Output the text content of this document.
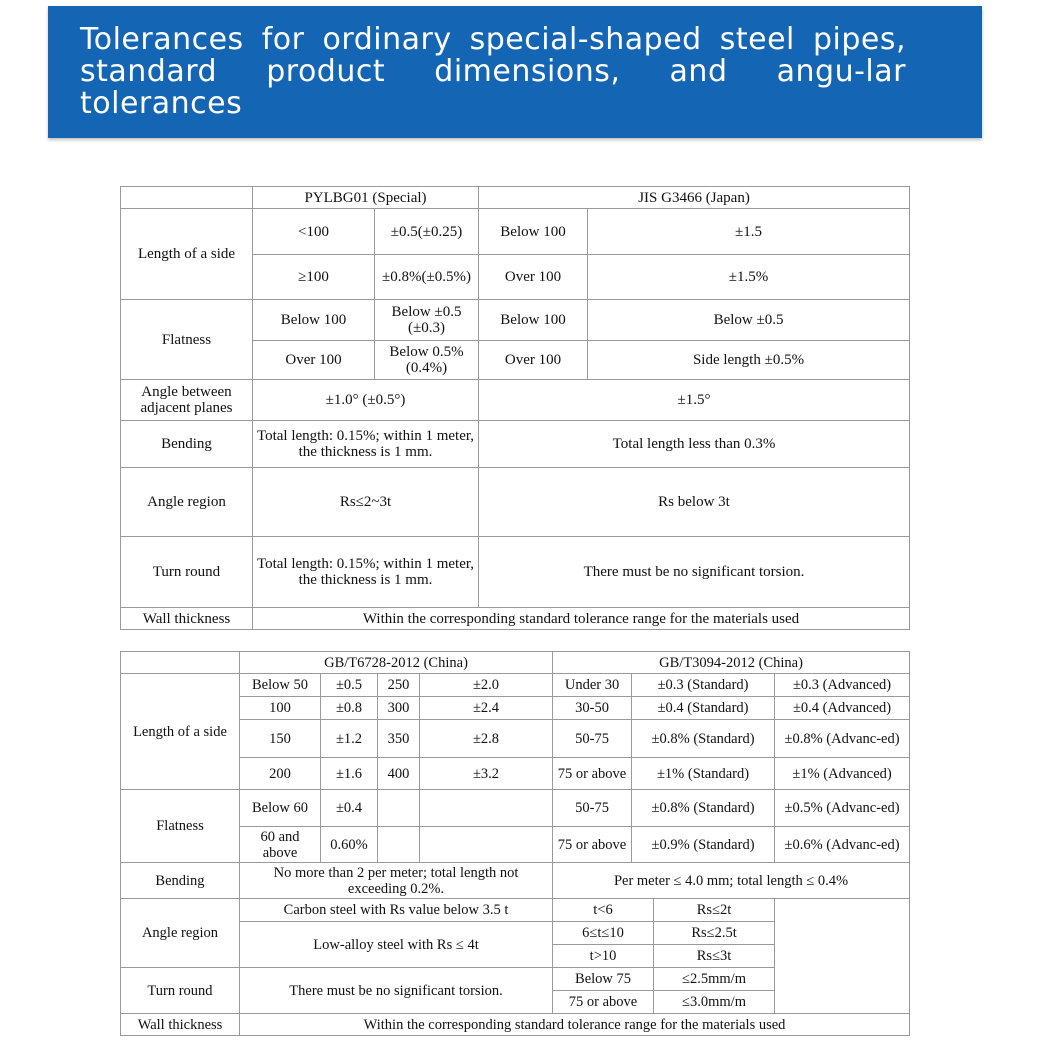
Tolerances for ordinary special-shaped steel pipes, standard product dimensions, and angu-lar tolerances
	PYLBG01 (Special)		JIS G3466 (Japan)	
Length of a side	<100	±0.5(±0.25)	Below 100	±1.5
	≥100	±0.8%(±0.5%)	Over 100	±1.5%
Flatness	Below 100	Below ±0.5 (±0.3)	Below 100	Below ±0.5
	Over 100	Below 0.5% (0.4%)	Over 100	Side length ±0.5%
Angle between adjacent planes	±1.0° (±0.5°)		±1.5°	
Bending	Total length: 0.15%; within 1 meter, the thickness is 1 mm.		Total length less than 0.3%	
Angle region	Rs≤2~3t		Rs below 3t	
Turn round	Total length: 0.15%; within 1 meter, the thickness is 1 mm.		There must be no significant torsion.	
Wall thickness	Within the corresponding standard tolerance range for the materials used			
	GB/T6728-2012 (China)				GB/T3094-2012 (China)			
Length of a side	Below 50	±0.5	250	±2.0	Under 30	±0.3 (Standard)		±0.3 (Advanced)
	100	±0.8	300	±2.4	30-50	±0.4 (Standard)		±0.4 (Advanced)
	150	±1.2	350	±2.8	50-75	±0.8% (Standard)		±0.8% (Advanc-ed)
	200	±1.6	400	±3.2	75 or above	±1% (Standard)		±1% (Advanced)
Flatness	Below 60	±0.4			50-75	±0.8% (Standard)		±0.5% (Advanc-ed)
	60 and above	0.60%			75 or above	±0.9% (Standard)		±0.6% (Advanc-ed)
Bending	No more than 2 per meter; total length not exceeding 0.2%.				Per meter ≤ 4.0 mm; total length ≤ 0.4%			
Angle region	Carbon steel with Rs value below 3.5 t				t<6		Rs≤2t	
	Low-alloy steel with Rs ≤ 4t				6≤t≤10		Rs≤2.5t	
					t>10		Rs≤3t	
Turn round	There must be no significant torsion.				Below 75		≤2.5mm/m	
					75 or above		≤3.0mm/m	
Wall thickness	Within the corresponding standard tolerance range for the materials used							
